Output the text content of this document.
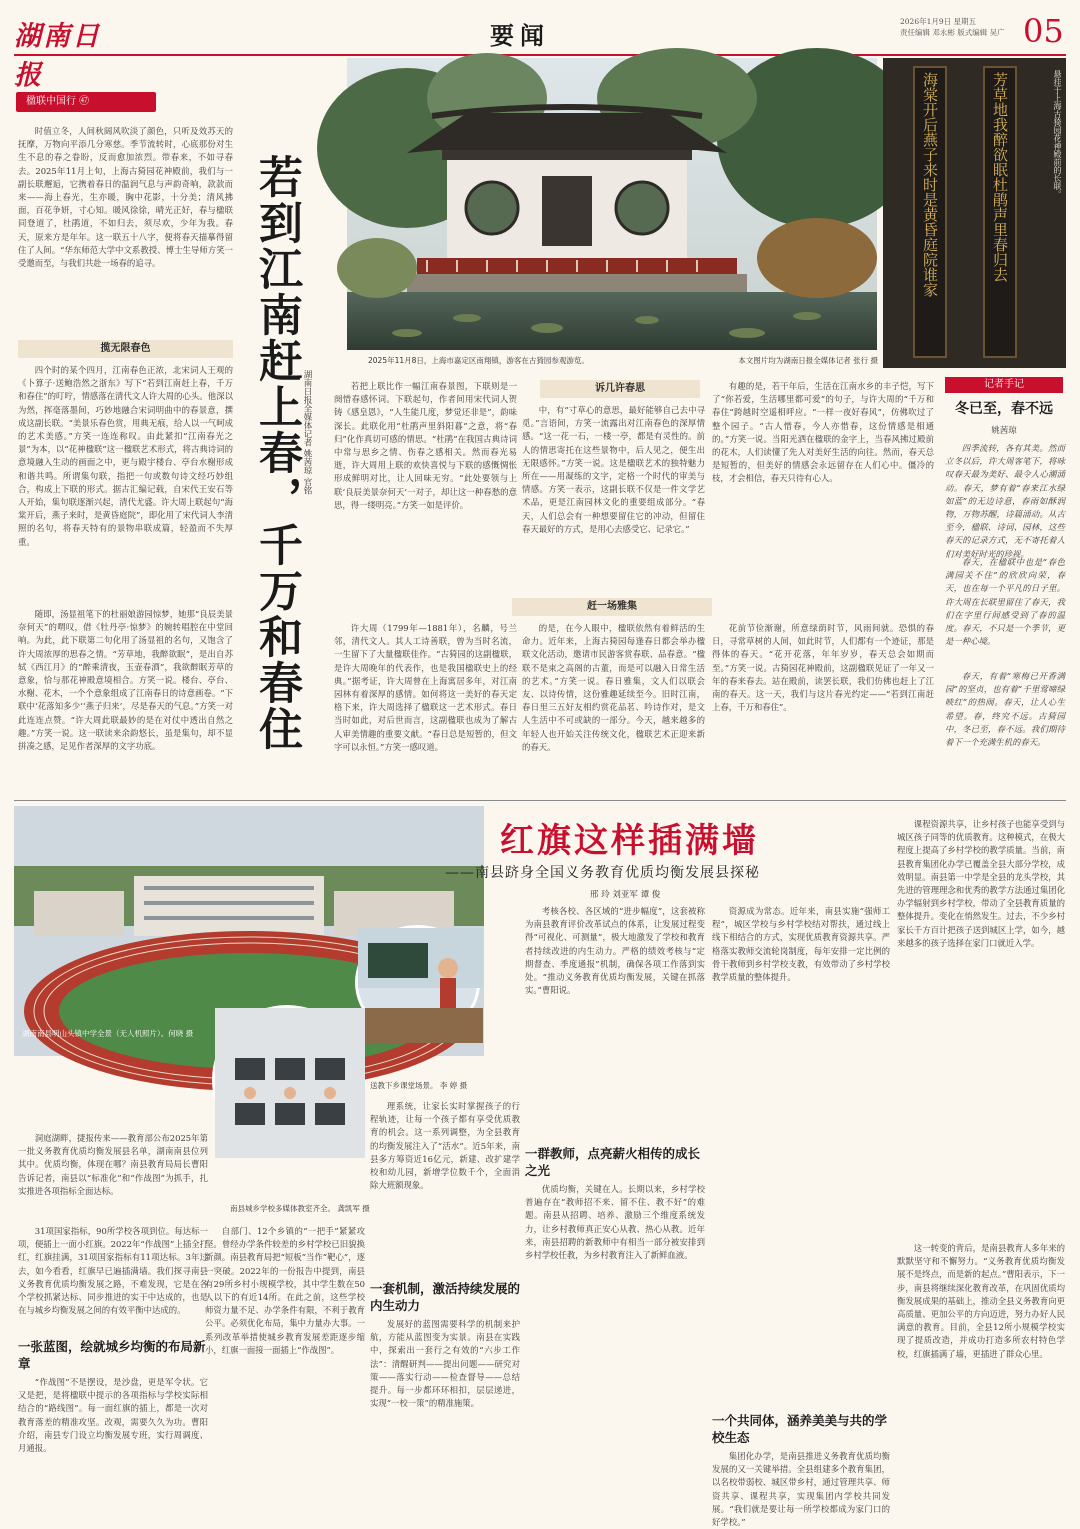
湖南日报
要闻	2026年1月9日 星期五
责任编辑 邓永彬 版式编辑 吴广 05
楹联中国行 ㊼
时值立冬，人间秋阔风吹淡了颜色，只听及效苏天的抚摩，万物向平添几分寒慈。季节流转时，心底那份对生生不息的春之眷盼，反而愈加浓烈。带春来，不如寻春去。2025年11月上旬，上海古猗园花神殿前，我们与一副长联邂逅，它携着春日的温润气息与声韵奇响，款款而来——海上春光，生亦暖，胸中花影，十分美；清风拂面，百花争妍，寸心知。暖风徐徐，晴光正好，春与楹联同登道了，杜鹃道，不如归去，须尽欢，少年为我。春天，原来方是年年。这一联五十八字，便将春天描摹得留住了人间。“华东师范大学中文系教授、博士生导师方笑一受邀而至，与我们共赴一场春的追寻。
揽无限春色
四个时的某个四月，江南春色正浓，北宋词人王观的《卜算子·送鲍浩然之浙东》写下“若到江南赶上春，千万和春住”的叮咛，情感落在清代文人许大周的心头。他深以为然，挥毫落墨间，巧妙地融合宋词明曲中的春景意，撰成这副长联。“美景乐春色赏，用典无痕，给人以一气呵成的艺术美感。”方笑一连连称叹。由此紧扣“江南春光之景”为本，以“花神楹联”这一楹联艺术形式，将古典诗词的意境融入生动的画面之中，更与殿宇楼台、亭台水榭形成和谐共鸣。所谓集句联，指把一句或数句诗文经巧妙组合，构成上下联的形式。据古汇编记载，自宋代王安石等人开始，集句联逐渐兴起，清代尤盛。许大周上联起句“海棠开后，燕子来时，是黄昏庭院”，即化用了宋代词人李清照的名句，将春天特有的景物串联成篇，轻盈而不失厚重。
随即，汤显祖笔下的杜丽娘游园惊梦，她那“良辰美景奈何天”的喟叹，借《牡丹亭·惊梦》的婉转唱腔在中堂回响。为此，此下联第二句化用了汤显祖的名句，又饱含了许大周浓厚的思春之情。“芳草地，我醉欲眠”，是出自苏轼《西江月》的“醉乘清夜，玉壶春酒”，我欲醉眠芳草的意象，恰与那花神殿意境相合。方笑一说。楼台、亭台、水榭、花木，一个个意象组成了江南春日的诗意画卷。“下联中‘花落知多少’‘燕子归来’，尽是春天的气息。”方笑一对此连连点赞。“许大周此联最妙的是在对仗中透出自然之趣。”方笑一说。这一联读来余韵悠长，虽是集句，却不显拼凑之感，足见作者深厚的文字功底。	若到江南赶上春，千万和春住 湖南日报全媒体记者 姚茜琼 官铭
2025年11月8日，上海市嘉定区南翔镇，游客在古猗园参观游览。	本文图片均为湖南日报全媒体记者 张行 摄
海棠开后燕子来时是黄昏庭院谁家	芳草地我醉欲眠杜鹃声里春归去	悬挂于上海古猗园花神殿前的长联。
若把上联比作一幅江南春景图，下联则是一阕惜春感怀词。下联起句，作者间用宋代词人贺铸《感皇恩》，“人生能几度，梦觉还非是”，韵味深长。此联化用“杜鹃声里斜阳暮”之意，将“春归”化作真切可感的情思。“杜鹃”在我国古典诗词中常与思乡之情、伤春之感相关。然而春光易逝，许大周用上联的欢快喜悦与下联的感慨惆怅形成鲜明对比，让人回味无穷。“此处要领与上联‘良辰美景奈何天’一对子，却让这一种春愁的意思，得一缕明亮。”方笑一如是评价。
诉几许春思
中，有“寸草心的意思，最好能够自己去中寻觅。”言语间，方笑一流露出对江南春色的深厚情感。“这一花一石，一楼一亭，都是有灵性的。前人的情思寄托在这些景物中，后人见之，便生出无限感怀。”方笑一说。这是楹联艺术的独特魅力所在——用凝练的文字，定格一个时代的审美与情感。方笑一表示，这副长联不仅是一件文学艺术品，更是江南园林文化的重要组成部分。“春天，人们总会有一种想要留住它的冲动，但留住春天最好的方式，是用心去感受它、记录它。”
有趣的是，若干年后，生活在江南水乡的丰子恺，写下了“你若爱，生活哪里都可爱”的句子，与许大周的“千万和春住”跨越时空遥相呼应。“一样一夜好春风”，仿佛吹过了整个园子。“古人惜春，今人亦惜春，这份情感是相通的。”方笑一说。当阳光洒在楹联的金字上，当春风拂过殿前的花木，人们读懂了先人对美好生活的向往。然而，春天总是短暂的，但美好的情感会永远留存在人们心中。僵冷的枝，才会相信，春天只待有心人。
赶一场雅集
许大周（1799年—1881年），名麟，号兰邻，清代文人。其人工诗善联，曾为当时名流，一生留下了大量楹联佳作。“古猗园的这副楹联，是许大周晚年的代表作，也是我国楹联史上的经典。”据考证，许大周曾在上海寓居多年，对江南园林有着深厚的感情。如何将这一美好的春天定格下来，许大周选择了楹联这一艺术形式。春日当时如此，对后世而言，这副楹联也成为了解古人审美情趣的重要文献。“春日总是短暂的，但文字可以永恒。”方笑一感叹道。
的是，在今人眼中，楹联依然有着鲜活的生命力。近年来，上海古猗园每逢春日都会举办楹联文化活动，邀请市民游客赏春联、品春意。“楹联不是束之高阁的古董，而是可以融入日常生活的艺术。”方笑一说。春日雅集，文人们以联会友、以诗传情，这份雅趣延续至今。旧时江南，春日里三五好友相约赏花品茗、吟诗作对，是文人生活中不可或缺的一部分。今天，越来越多的年轻人也开始关注传统文化，楹联艺术正迎来新的春天。
花前节俭渐谢，所意绿荫时节，风雨间就。恐惧的春日，寻常草树的人间，如此时节，人们都有一个迹证，那是得体的春天。“花开花落，年年岁岁，春天总会如期而至。”方笑一说。古猗园花神殿前，这副楹联见证了一年又一年的春来春去。站在殿前，读罢长联，我们仿佛也赶上了江南的春天。这一天，我们与这片春光约定——“若到江南赶上春，千万和春住”。
记者手记
冬已至，春不远
姚茜琼
四季流转，各有其美。然而立冬以后，许大周客笔下，将咏叹春天最为美好、最令人心潮涌动。春天，梦有着“春来江水绿如蓝”的无边诗意，春雨如酥润物，万物苏醒，诗篇涌动。从古至今，楹联、诗词、园林，这些春天的记录方式，无不寄托着人们对美好时光的珍视。
春天，在楹联中也是“春色满园关不住”的欣欣向荣，春天，也在每一个平凡的日子里。许大周在长联里留住了春天，我们在字里行间感受到了春的温度。春天，不只是一个季节，更是一种心境。
春天，有着“寒梅已开香满园”的坚贞，也有着“千里莺啼绿映红”的热闹。春天，让人心生希望。春，终究不远。古猗园中，冬已至，春不远。我们期待着下一个充满生机的春天。
湖南南县明山头镇中学全景（无人机照片）。何晓 摄
送教下乡课堂场景。 李 婷 摄
南县城乡学校多媒体教室齐全。 龚凯军 摄
红旗这样插满墙
——南县跻身全国义务教育优质均衡发展县探秘
邢 玲 刘亚军 谭 俊
洞庭湖畔，捷报传来——教育部公布2025年第一批义务教育优质均衡发展县名单，湖南南县位列其中。优质均衡，体现在哪？南县教育局局长曹阳告诉记者，南县以“标准化”和“作战图”为抓手，扎实推进各项指标全面达标。
31项国家指标，90所学校各项到位。每达标一项，便插上一面小红旗。2022年“作战图”上插全打红，红旗挂满，31项国家指标有11项达标。3年过去，如今看看，红旗早已遍插满墙。我们探寻南县义务教育优质均衡发展之路，不难发现，它是在各个学校抓紧达标、同步推进的实干中达成的，也是在与城乡均衡发展之间的有效平衡中达成的。
一张蓝图，绘就城乡均衡的布局新章
“作战图”不是摆设，是沙盘，更是军令状。它又是把，是将楹联中提示的各项指标与学校实际相结合的“路线图”。每一面红旗的插上，都是一次对教育落差的精准攻坚。改观，需要久久为功。曹阳介绍，南县专门设立均衡发展专班，实行周调度、月通报。
自部门、12个乡镇的“一把手”紧紧攻坚。曾经办学条件较差的乡村学校已旧貌换新颜。南县教育局把“短板”当作“靶心”，逐一突破。2022年的一份报告中提到，南县有29所乡村小规模学校，其中学生数在50人以下的有近14所。在此之前，这些学校师资力量不足、办学条件有限，不利于教育公平。必须优化布局，集中力量办大事。一系列改革举措使城乡教育发展差距逐步缩小，红旗一面接一面插上“作战图”。
理系统，让家长实时掌握孩子的行程轨迹，让每一个孩子都有享受优质教育的机会。这一系列调整，为全县教育的均衡发展注入了“活水”。近5年来，南县多方筹资近16亿元，新建、改扩建学校和幼儿园，新增学位数千个，全面消除大班额现象。
一套机制，激活持续发展的内生动力
发展好的蓝图需要科学的机制来护航，方能从蓝图变为实景。南县在实践中，探索出一套行之有效的“六步工作法”：清醒研判——提出问题——研究对策——落实行动——检查督导——总结提升。每一步都环环相扣，层层递进，实现“一校一策”的精准施策。
考核各校、各区域的“进步幅度”，这套被称为南县教育评价改革试点的体系，让发展过程变得“可视化、可测量”，极大地激发了学校和教育者持续改进的内生动力。严格的绩效考核与“定期督查、季度通报”机制，确保各项工作落到实处。“推动义务教育优质均衡发展，关键在抓落实。”曹阳说。
一群教师，点亮薪火相传的成长之光
优质均衡，关键在人。长期以来，乡村学校普遍存在“教师招不来、留不住、教不好”的难题。南县从招聘、培养、激励三个维度系统发力，让乡村教师真正安心从教、热心从教。近年来，南县招聘的新教师中有相当一部分被安排到乡村学校任教，为乡村教育注入了新鲜血液。
资源成为常态。近年来，南县实施“强师工程”，城区学校与乡村学校结对帮扶，通过线上线下相结合的方式，实现优质教育资源共享。严格落实教师交流轮岗制度，每年安排一定比例的骨干教师到乡村学校支教，有效带动了乡村学校教学质量的整体提升。
一个共同体，涵养美美与共的学校生态
集团化办学，是南县推进义务教育优质均衡发展的又一关键举措。全县组建多个教育集团，以名校带弱校、城区带乡村，通过管理共享、师资共享、课程共享，实现集团内学校共同发展。“我们就是要让每一所学校都成为家门口的好学校。”
课程资源共享，让乡村孩子也能享受到与城区孩子同等的优质教育。这种模式，在极大程度上提高了乡村学校的教学质量。当前，南县教育集团化办学已覆盖全县大部分学校，成效明显。南县第一中学是全县的龙头学校，其先进的管理理念和优秀的教学方法通过集团化办学辐射到乡村学校，带动了全县教育质量的整体提升。变化在悄然发生。过去，不少乡村家长千方百计把孩子送到城区上学，如今，越来越多的孩子选择在家门口就近入学。
这一转变的背后，是南县教育人多年来的默默坚守和不懈努力。“义务教育优质均衡发展不是终点，而是新的起点。”曹阳表示，下一步，南县将继续深化教育改革，在巩固优质均衡发展成果的基础上，推动全县义务教育向更高质量、更加公平的方向迈进，努力办好人民满意的教育。目前，全县12所小规模学校实现了提质改造，并成功打造多所农村特色学校，红旗插满了墙，更插进了群众心里。
